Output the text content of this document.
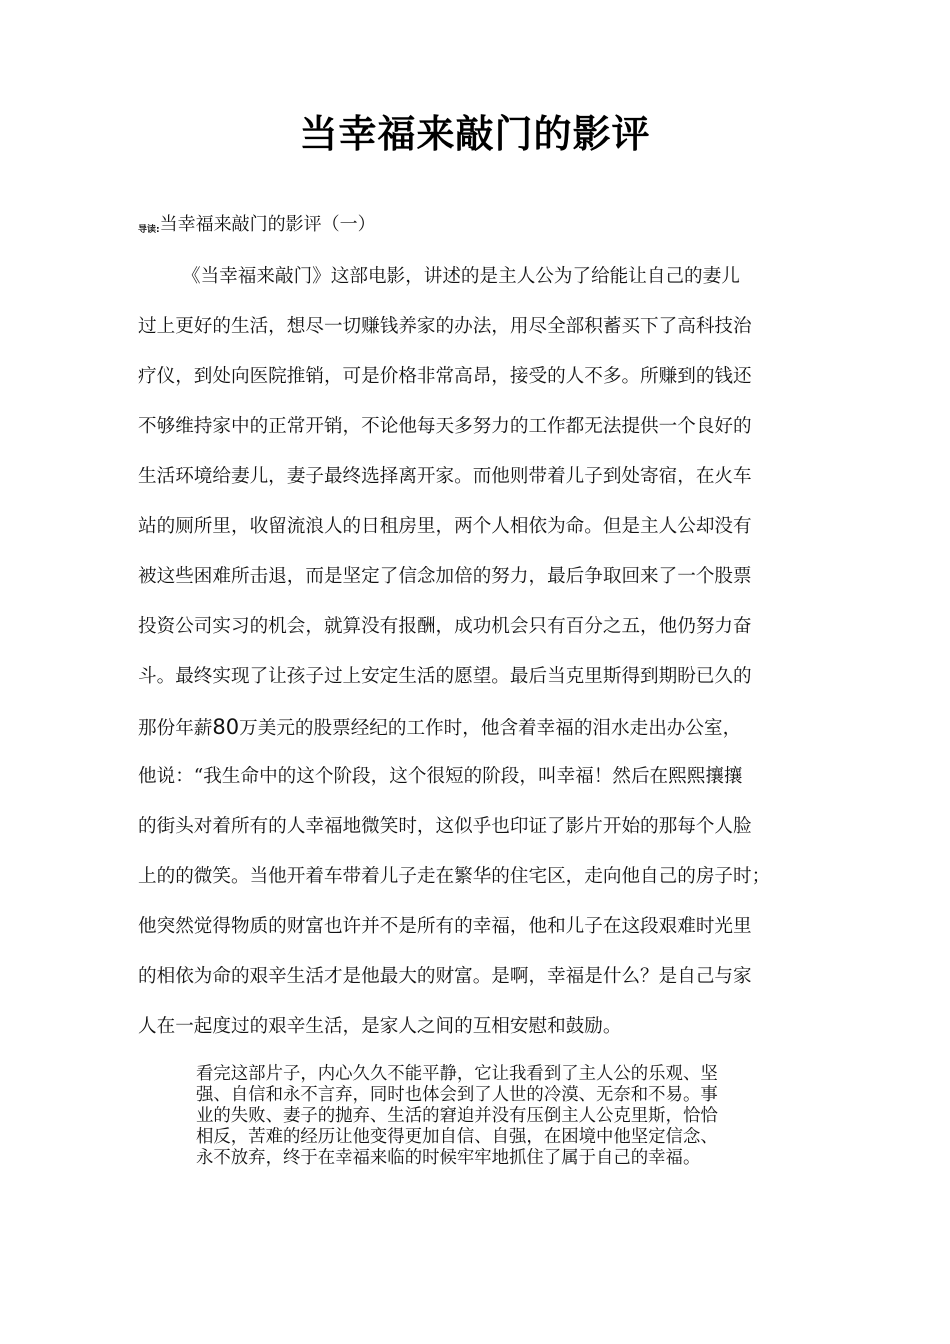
当幸福来敲门的影评
导读:当幸福来敲门的影评（一）
《当幸福来敲门》这部电影，讲述的是主人公为了给能让自己的妻儿
过上更好的生活，想尽一切赚钱养家的办法，用尽全部积蓄买下了高科技治
疗仪，到处向医院推销，可是价格非常高昂，接受的人不多。所赚到的钱还
不够维持家中的正常开销，不论他每天多努力的工作都无法提供一个良好的
生活环境给妻儿，妻子最终选择离开家。而他则带着儿子到处寄宿，在火车
站的厕所里，收留流浪人的日租房里，两个人相依为命。但是主人公却没有
被这些困难所击退，而是坚定了信念加倍的努力，最后争取回来了一个股票
投资公司实习的机会，就算没有报酬，成功机会只有百分之五，他仍努力奋
斗。最终实现了让孩子过上安定生活的愿望。最后当克里斯得到期盼已久的
那份年薪80万美元的股票经纪的工作时，他含着幸福的泪水走出办公室，
他说：“我生命中的这个阶段，这个很短的阶段，叫幸福！然后在熙熙攘攘
的街头对着所有的人幸福地微笑时，这似乎也印证了影片开始的那每个人脸
上的的微笑。当他开着车带着儿子走在繁华的住宅区，走向他自己的房子时；
他突然觉得物质的财富也许并不是所有的幸福，他和儿子在这段艰难时光里
的相依为命的艰辛生活才是他最大的财富。是啊，幸福是什么？是自己与家
人在一起度过的艰辛生活，是家人之间的互相安慰和鼓励。
看完这部片子，内心久久不能平静，它让我看到了主人公的乐观、坚
强、自信和永不言弃，同时也体会到了人世的冷漠、无奈和不易。事
业的失败、妻子的抛弃、生活的窘迫并没有压倒主人公克里斯，恰恰
相反，苦难的经历让他变得更加自信、自强，在困境中他坚定信念、
永不放弃，终于在幸福来临的时候牢牢地抓住了属于自己的幸福。
